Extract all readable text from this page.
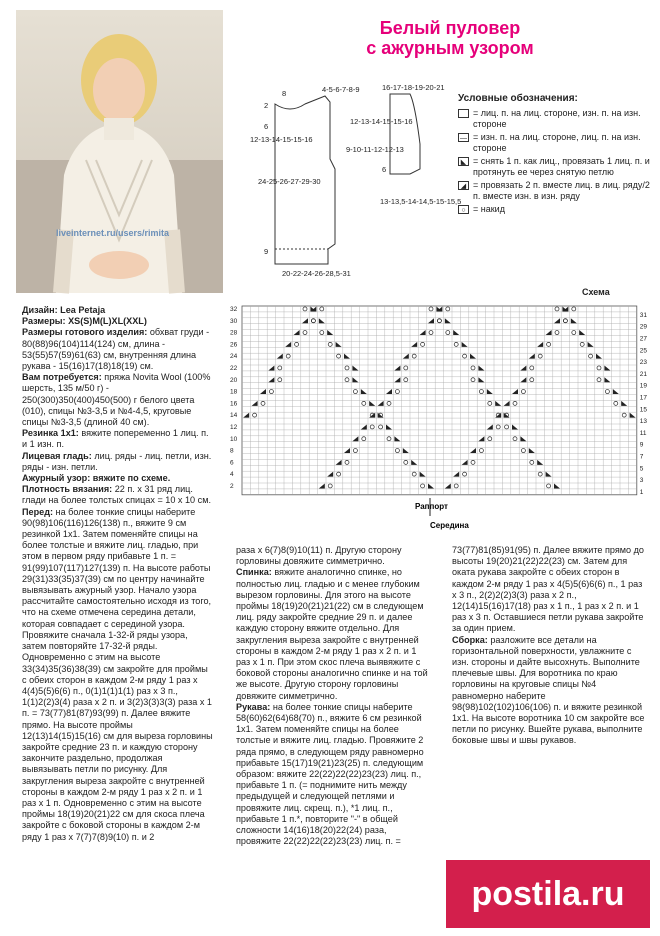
liveinternet.ru/users/rimita
Белый пуловер
с ажурным узором
8	4-5-6-7-8-9
2
6
12-13-14-15-15-16
24-25-26-27-29-30
9
20-22-24-26-28,5-31
16-17-18-19-20-21
12-13-14-15-15-16
9-10-11-12-12-13
6
13-13,5-14-14,5-15-15,5
Условные обозначения:
= лиц. п. на лиц. стороне, изн. п. на изн. стороне
— = изн. п. на лиц. стороне, лиц. п. на изн. стороне
◣ = снять 1 п. как лиц., провязать 1 лиц. п. и протянуть ее через снятую петлю
◢ = провязать 2 п. вместе лиц. в лиц. ряду/2 п. вместе изн. в изн. ряду
○ = накид
Схема
2
1
4
3
6
5
8
7
10
9
12
11
14
13
16
15
18
17
20
19
22
21
24
23
26
25
28
27
30
29
32
31
Раппорт
Середина

Дизайн: Lea Petaja

Размеры: XS(S)M(L)XL(XXL)

Размеры готового изделия: обхват груди - 80(88)96(104)114(124) см, длина - 53(55)57(59)61(63) см, внутренняя длина рукава - 15(16)17(18)18(19) см.

Вам потребуется: пряжа Novita Wool (100% шерсть, 135 м/50 г) - 250(300)350(400)450(500) г белого цвета (010), спицы №3-3,5 и №4-4,5, круговые спицы №3-3,5 (длиной 40 см).

Резинка 1x1: вяжите попеременно 1 лиц. п. и 1 изн. п.

Лицевая гладь: лиц. ряды - лиц. петли, изн. ряды - изн. петли.

Ажурный узор: вяжите по схеме.

Плотность вязания: 22 п. x 31 ряд лиц. глади на более толстых спицах = 10 x 10 см.

Перед: на более тонкие спицы наберите 90(98)106(116)126(138) п., вяжите 9 см резинкой 1x1. Затем поменяйте спицы на более толстые и вяжите лиц. гладью, при этом в первом ряду прибавьте 1 п. = 91(99)107(117)127(139) п. На высоте работы 29(31)33(35)37(39) см по центру начинайте вывязывать ажурный узор. Начало узора рассчитайте самостоятельно исходя из того, что на схеме отмечена середина детали, которая совпадает с серединой узора. Провяжите сначала 1-32-й ряды узора, затем повторяйте 17-32-й ряды. Одновременно с этим на высоте 33(34)35(36)38(39) см закройте для проймы с обеих сторон в каждом 2-м ряду 1 раз x 4(4)5(5)6(6) п., 0(1)1(1)1(1) раз x 3 п., 1(1)2(2)3(4) раза x 2 п. и 3(2)3(3)3(3) раза x 1 п. = 73(77)81(87)93(99) п. Далее вяжите прямо. На высоте проймы 12(13)14(15)15(16) см для выреза горловины закройте средние 23 п. и каждую сторону закончите раздельно, продолжая вывязывать петли по рисунку. Для закругления выреза закройте с внутренней стороны в каждом 2-м ряду 1 раз x 2 п. и 1 раз x 1 п. Одновременно с этим на высоте проймы 18(19)20(21)22 см для скоса плеча закройте с боковой стороны в каждом 2-м ряду 1 раз x 7(7)7(8)9(10) п. и 2

раза x 6(7)8(9)10(11) п. Другую сторону горловины довяжите симметрично.

Спинка: вяжите аналогично спинке, но полностью лиц. гладью и с менее глубоким вырезом горловины. Для этого на высоте проймы 18(19)20(21)21(22) см в следующем лиц. ряду закройте средние 29 п. и далее каждую сторону вяжите отдельно. Для закругления выреза закройте с внутренней стороны в каждом 2-м ряду 1 раз x 2 п. и 1 раз x 1 п. При этом скос плеча выявяжите с боковой стороны аналогично спинке и на той же высоте. Другую сторону горловины довяжите симметрично.

Рукава: на более тонкие спицы наберите 58(60)62(64)68(70) п., вяжите 6 см резинкой 1x1. Затем поменяйте спицы на более толстые и вяжите лиц. гладью. Провяжите 2 ряда прямо, в следующем ряду равномерно прибавьте 15(17)19(21)23(25) п. следующим образом: вяжите 22(22)22(22)23(23) лиц. п., прибавьте 1 п. (= поднимите нить между предыдущей и следующей петлями и провяжите лиц. скрещ. п.), *1 лиц. п., прибавьте 1 п.*, повторите "-" в общей сложности 14(16)18(20)22(24) раза, провяжите 22(22)22(22)23(23) лиц. п. =

73(77)81(85)91(95) п. Далее вяжите прямо до высоты 19(20)21(22)22(23) см. Затем для оката рукава закройте с обеих сторон в каждом 2-м ряду 1 раз x 4(5)5(6)6(6) п., 1 раз x 3 п., 2(2)2(2)3(3) раза x 2 п., 12(14)15(16)17(18) раз x 1 п., 1 раз x 2 п. и 1 раз x 3 п. Оставшиеся петли рукава закройте за один прием.

Сборка: разложите все детали на горизонтальной поверхности, увлажните с изн. стороны и дайте высохнуть. Выполните плечевые швы. Для воротника по краю горловины на круговые спицы №4 равномерно наберите 98(98)102(102)106(106) п. и вяжите резинкой 1x1. На высоте воротника 10 см закройте все петли по рисунку. Вшейте рукава, выполните боковые швы и швы рукавов.

postila.ru
